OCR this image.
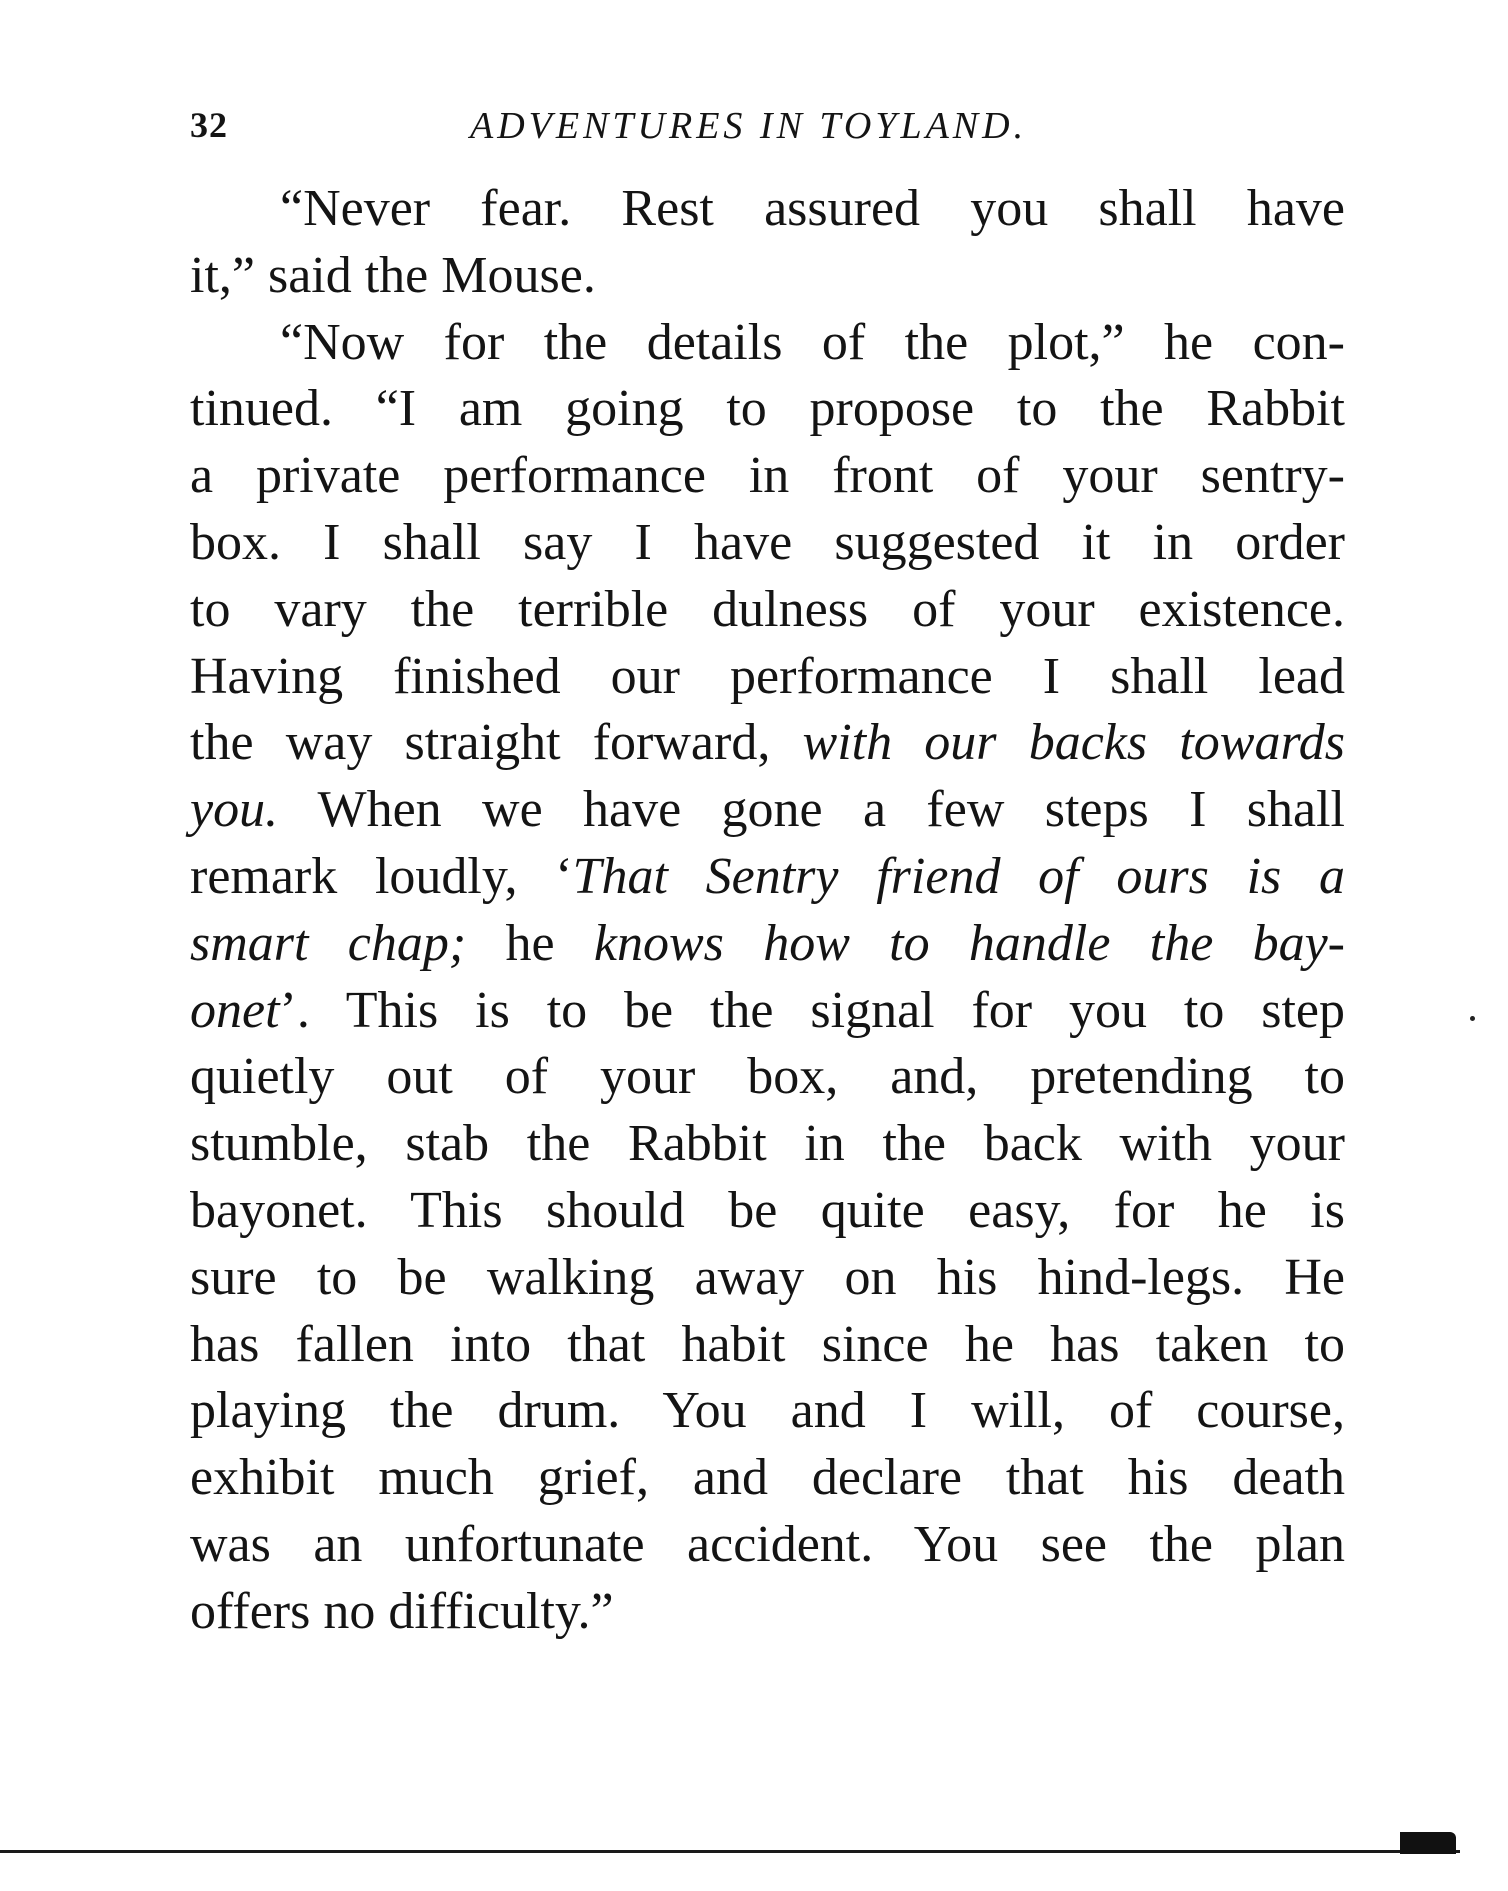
32	ADVENTURES IN TOYLAND.
“Never fear. Rest assured you shall have
it,” said the Mouse.
“Now for the details of the plot,” he con-
tinued. “I am going to propose to the Rabbit
a private performance in front of your sentry-
box. I shall say I have suggested it in order
to vary the terrible dulness of your existence.
Having finished our performance I shall lead
the way straight forward, with our backs towards
you. When we have gone a few steps I shall
remark loudly, ‘That Sentry friend of ours is a
smart chap; he knows how to handle the bay-
onet’. This is to be the signal for you to step
quietly out of your box, and, pretending to
stumble, stab the Rabbit in the back with your
bayonet. This should be quite easy, for he is
sure to be walking away on his hind-legs. He
has fallen into that habit since he has taken to
playing the drum. You and I will, of course,
exhibit much grief, and declare that his death
was an unfortunate accident. You see the plan
offers no difficulty.”
